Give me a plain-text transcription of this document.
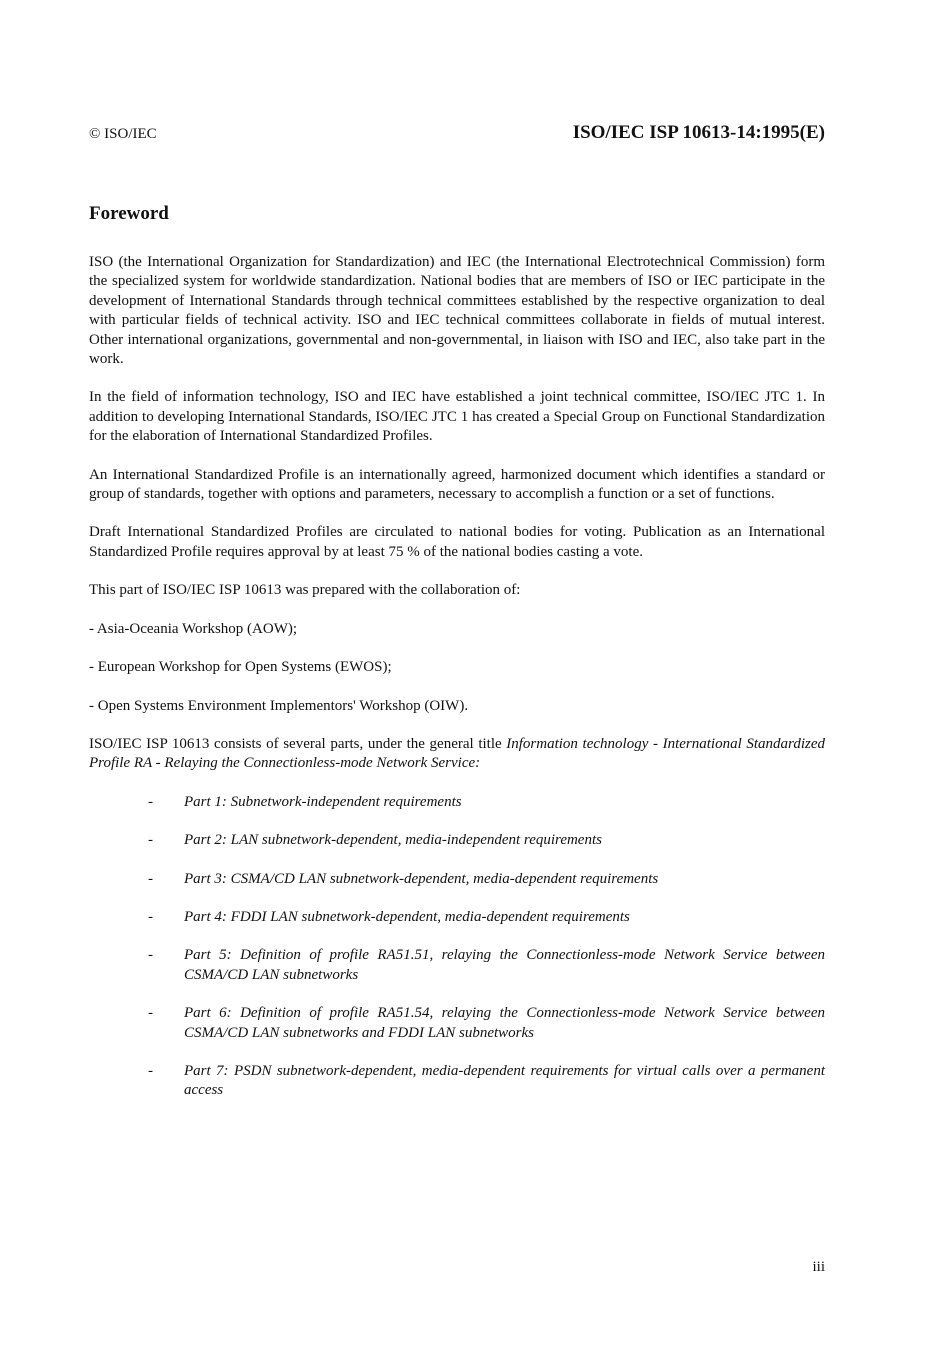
© ISO/IEC	ISO/IEC ISP 10613-14:1995(E)
Foreword

ISO (the International Organization for Standardization) and IEC (the International Electrotechnical Commission) form the specialized system for worldwide standardization. National bodies that are members of ISO or IEC participate in the development of International Standards through technical committees established by the respective organization to deal with particular fields of technical activity. ISO and IEC technical committees collaborate in fields of mutual interest. Other international organizations, governmental and non-governmental, in liaison with ISO and IEC, also take part in the work.

In the field of information technology, ISO and IEC have established a joint technical committee, ISO/IEC JTC 1. In addition to developing International Standards, ISO/IEC JTC 1 has created a Special Group on Functional Standardization for the elaboration of International Standardized Profiles.

An International Standardized Profile is an internationally agreed, harmonized document which identifies a standard or group of standards, together with options and parameters, necessary to accomplish a function or a set of functions.

Draft International Standardized Profiles are circulated to national bodies for voting. Publication as an International Standardized Profile requires approval by at least 75 % of the national bodies casting a vote.

This part of ISO/IEC ISP 10613 was prepared with the collaboration of:

- Asia-Oceania Workshop (AOW);
- European Workshop for Open Systems (EWOS);
- Open Systems Environment Implementors' Workshop (OIW).

ISO/IEC ISP 10613 consists of several parts, under the general title Information technology - International Standardized Profile RA - Relaying the Connectionless-mode Network Service:

- Part 1: Subnetwork-independent requirements
- Part 2: LAN subnetwork-dependent, media-independent requirements
- Part 3: CSMA/CD LAN subnetwork-dependent, media-dependent requirements
- Part 4: FDDI LAN subnetwork-dependent, media-dependent requirements
- Part 5: Definition of profile RA51.51, relaying the Connectionless-mode Network Service between CSMA/CD LAN subnetworks
- Part 6: Definition of profile RA51.54, relaying the Connectionless-mode Network Service between CSMA/CD LAN subnetworks and FDDI LAN subnetworks
- Part 7: PSDN subnetwork-dependent, media-dependent requirements for virtual calls over a permanent access
iii
